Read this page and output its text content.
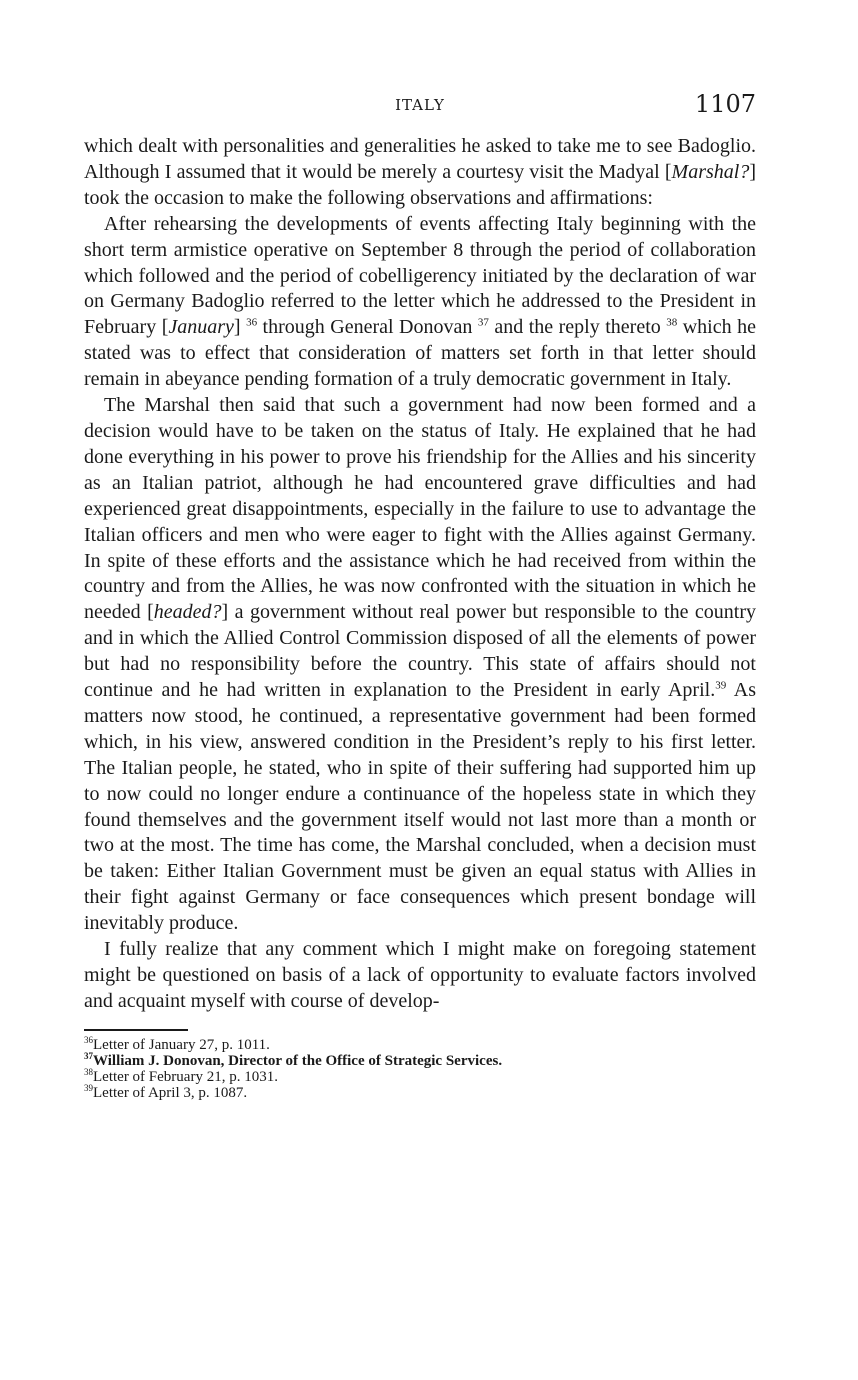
ITALY	1107

which dealt with personalities and generalities he asked to take me to see Badoglio. Although I assumed that it would be merely a courtesy visit the Madyal [Marshal?] took the occasion to make the following observations and affirmations:

After rehearsing the developments of events affecting Italy beginning with the short term armistice operative on September 8 through the period of collaboration which followed and the period of cobelligerency initiated by the declaration of war on Germany Badoglio referred to the letter which he addressed to the President in February [January] $^{36}$ through General Donovan $^{37}$ and the reply thereto $^{38}$ which he stated was to effect that consideration of matters set forth in that letter should remain in abeyance pending formation of a truly democratic government in Italy.

The Marshal then said that such a government had now been formed and a decision would have to be taken on the status of Italy. He explained that he had done everything in his power to prove his friendship for the Allies and his sincerity as an Italian patriot, although he had encountered grave difficulties and had experienced great disappointments, especially in the failure to use to advantage the Italian officers and men who were eager to fight with the Allies against Germany. In spite of these efforts and the assistance which he had received from within the country and from the Allies, he was now confronted with the situation in which he needed [headed?] a government without real power but responsible to the country and in which the Allied Control Commission disposed of all the elements of power but had no responsibility before the country. This state of affairs should not continue and he had written in explanation to the President in early April.$^{39}$ As matters now stood, he continued, a representative government had been formed which, in his view, answered condition in the President’s reply to his first letter. The Italian people, he stated, who in spite of their suffering had supported him up to now could no longer endure a continuance of the hopeless state in which they found themselves and the government itself would not last more than a month or two at the most. The time has come, the Marshal concluded, when a decision must be taken: Either Italian Government must be given an equal status with Allies in their fight against Germany or face consequences which present bondage will inevitably produce.

I fully realize that any comment which I might make on foregoing statement might be questioned on basis of a lack of opportunity to evaluate factors involved and acquaint myself with course of develop-

$^{36}$Letter of January 27, p. 1011.
$^{37}$William J. Donovan, Director of the Office of Strategic Services.
$^{38}$Letter of February 21, p. 1031.
$^{39}$Letter of April 3, p. 1087.
